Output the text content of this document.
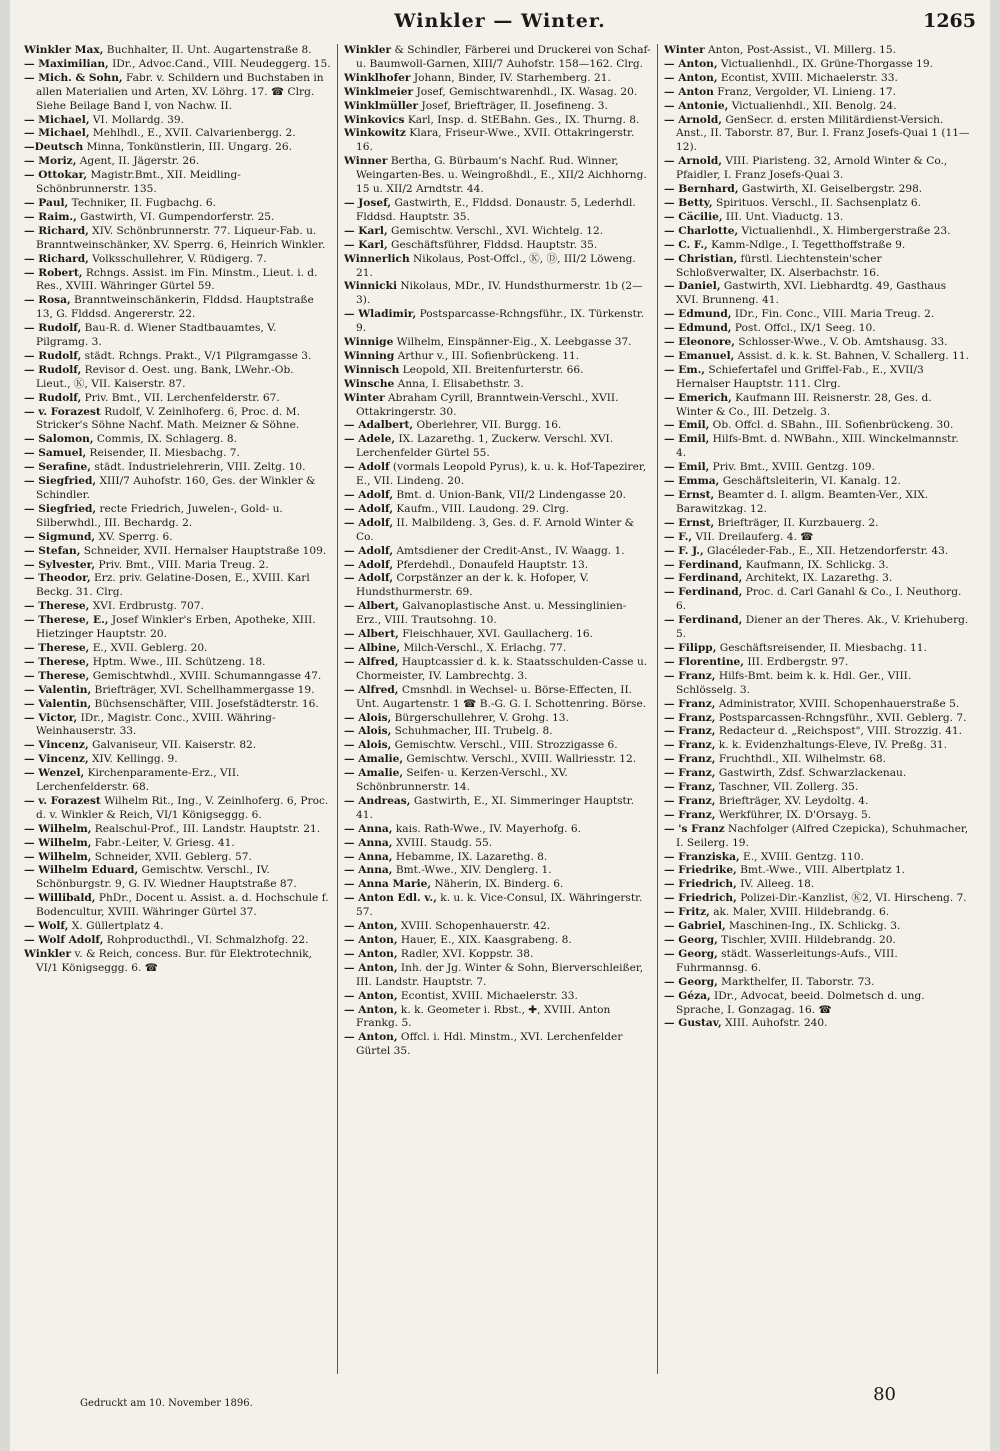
Winkler — Winter.	1265

Winkler Max, Buchhalter, II. Unt. Augartenstraße 8.

— Maximilian, IDr., Advoc.Cand., VIII. Neudeggerg. 15.

— Mich. & Sohn, Fabr. v. Schildern und Buchstaben in allen Materialien und Arten, XV. Löhrg. 17. ☎ Clrg. Siehe Beilage Band I, von Nachw. II.

— Michael, VI. Mollardg. 39.

— Michael, Mehlhdl., E., XVII. Calvarienbergg. 2.

—Deutsch Minna, Tonkünstlerin, III. Ungarg. 26.

— Moriz, Agent, II. Jägerstr. 26.

— Ottokar, Magistr.Bmt., XII. Meidling-Schönbrunnerstr. 135.

— Paul, Techniker, II. Fugbachg. 6.

— Raim., Gastwirth, VI. Gumpendorferstr. 25.

— Richard, XIV. Schönbrunnerstr. 77. Liqueur-Fab. u. Branntweinschänker, XV. Sperrg. 6, Heinrich Winkler.

— Richard, Volksschullehrer, V. Rüdigerg. 7.

— Robert, Rchngs. Assist. im Fin. Minstm., Lieut. i. d. Res., XVIII. Währinger Gürtel 59.

— Rosa, Branntweinschänkerin, Flddsd. Hauptstraße 13, G. Flddsd. Angererstr. 22.

— Rudolf, Bau-R. d. Wiener Stadtbauamtes, V. Pilgramg. 3.

— Rudolf, städt. Rchngs. Prakt., V/1 Pilgramgasse 3.

— Rudolf, Revisor d. Oest. ung. Bank, LWehr.-Ob. Lieut., Ⓚ, VII. Kaiserstr. 87.

— Rudolf, Priv. Bmt., VII. Lerchenfelderstr. 67.

— v. Forazest Rudolf, V. Zeinlhoferg. 6, Proc. d. M. Stricker's Söhne Nachf. Math. Meizner & Söhne.

— Salomon, Commis, IX. Schlagerg. 8.

— Samuel, Reisender, II. Miesbachg. 7.

— Serafine, städt. Industrielehrerin, VIII. Zeltg. 10.

— Siegfried, XIII/7 Auhofstr. 160, Ges. der Winkler & Schindler.

— Siegfried, recte Friedrich, Juwelen-, Gold- u. Silberwhdl., III. Bechardg. 2.

— Sigmund, XV. Sperrg. 6.

— Stefan, Schneider, XVII. Hernalser Hauptstraße 109.

— Sylvester, Priv. Bmt., VIII. Maria Treug. 2.

— Theodor, Erz. priv. Gelatine-Dosen, E., XVIII. Karl Beckg. 31. Clrg.

— Therese, XVI. Erdbrustg. 707.

— Therese, E., Josef Winkler's Erben, Apotheke, XIII. Hietzinger Hauptstr. 20.

— Therese, E., XVII. Geblerg. 20.

— Therese, Hptm. Wwe., III. Schützeng. 18.

— Therese, Gemischtwhdl., XVIII. Schumanngasse 47.

— Valentin, Briefträger, XVI. Schellhammergasse 19.

— Valentin, Büchsenschäfter, VIII. Josefstädterstr. 16.

— Victor, IDr., Magistr. Conc., XVIII. Währing-Weinhauserstr. 33.

— Vincenz, Galvaniseur, VII. Kaiserstr. 82.

— Vincenz, XIV. Kellingg. 9.

— Wenzel, Kirchenparamente-Erz., VII. Lerchenfelderstr. 68.

— v. Forazest Wilhelm Rit., Ing., V. Zeinlhoferg. 6, Proc. d. v. Winkler & Reich, VI/1 Königseggg. 6.

— Wilhelm, Realschul-Prof., III. Landstr. Hauptstr. 21.

— Wilhelm, Fabr.-Leiter, V. Griesg. 41.

— Wilhelm, Schneider, XVII. Geblerg. 57.

— Wilhelm Eduard, Gemischtw. Verschl., IV. Schönburgstr. 9, G. IV. Wiedner Hauptstraße 87.

— Willibald, PhDr., Docent u. Assist. a. d. Hochschule f. Bodencultur, XVIII. Währinger Gürtel 37.

— Wolf, X. Güllertplatz 4.

— Wolf Adolf, Rohproducthdl., VI. Schmalzhofg. 22.

Winkler v. & Reich, concess. Bur. für Elektrotechnik, VI/1 Königseggg. 6. ☎

Winkler & Schindler, Färberei und Druckerei von Schaf- u. Baumwoll-Garnen, XIII/7 Auhofstr. 158—162. Clrg.

Winklhofer Johann, Binder, IV. Starhemberg. 21.

Winklmeier Josef, Gemischtwarenhdl., IX. Wasag. 20.

Winklmüller Josef, Briefträger, II. Josefineng. 3.

Winkovics Karl, Insp. d. StEBahn. Ges., IX. Thurng. 8.

Winkowitz Klara, Friseur-Wwe., XVII. Ottakringerstr. 16.

Winner Bertha, G. Bürbaum's Nachf. Rud. Winner, Weingarten-Bes. u. Weingroßhdl., E., XII/2 Aichhorng. 15 u. XII/2 Arndtstr. 44.

— Josef, Gastwirth, E., Flddsd. Donaustr. 5, Lederhdl. Flddsd. Hauptstr. 35.

— Karl, Gemischtw. Verschl., XVI. Wichtelg. 12.

— Karl, Geschäftsführer, Flddsd. Hauptstr. 35.

Winnerlich Nikolaus, Post-Offcl., Ⓚ, Ⓓ, III/2 Löweng. 21.

Winnicki Nikolaus, MDr., IV. Hundsthurmerstr. 1b (2—3).

— Wladimir, Postsparcasse-Rchngsführ., IX. Türkenstr. 9.

Winnige Wilhelm, Einspänner-Eig., X. Leebgasse 37.

Winning Arthur v., III. Sofienbrückeng. 11.

Winnisch Leopold, XII. Breitenfurterstr. 66.

Winsche Anna, I. Elisabethstr. 3.

Winter Abraham Cyrill, Branntwein-Verschl., XVII. Ottakringerstr. 30.

— Adalbert, Oberlehrer, VII. Burgg. 16.

— Adele, IX. Lazarethg. 1, Zuckerw. Verschl. XVI. Lerchenfelder Gürtel 55.

— Adolf (vormals Leopold Pyrus), k. u. k. Hof-Tapezirer, E., VII. Lindeng. 20.

— Adolf, Bmt. d. Union-Bank, VII/2 Lindengasse 20.

— Adolf, Kaufm., VIII. Laudong. 29. Clrg.

— Adolf, II. Malbildeng. 3, Ges. d. F. Arnold Winter & Co.

— Adolf, Amtsdiener der Credit-Anst., IV. Waagg. 1.

— Adolf, Pferdehdl., Donaufeld Hauptstr. 13.

— Adolf, Corpstänzer an der k. k. Hofoper, V. Hundsthurmerstr. 69.

— Albert, Galvanoplastische Anst. u. Messinglinien-Erz., VIII. Trautsohng. 10.

— Albert, Fleischhauer, XVI. Gaullacherg. 16.

— Albine, Milch-Verschl., X. Erlachg. 77.

— Alfred, Hauptcassier d. k. k. Staatsschulden-Casse u. Chormeister, IV. Lambrechtg. 3.

— Alfred, Cmsnhdl. in Wechsel- u. Börse-Effecten, II. Unt. Augartenstr. 1 ☎ B.-G. G. I. Schottenring. Börse.

— Alois, Bürgerschullehrer, V. Grohg. 13.

— Alois, Schuhmacher, III. Trubelg. 8.

— Alois, Gemischtw. Verschl., VIII. Strozzigasse 6.

— Amalie, Gemischtw. Verschl., XVIII. Wallriesstr. 12.

— Amalie, Seifen- u. Kerzen-Verschl., XV. Schönbrunnerstr. 14.

— Andreas, Gastwirth, E., XI. Simmeringer Hauptstr. 41.

— Anna, kais. Rath-Wwe., IV. Mayerhofg. 6.

— Anna, XVIII. Staudg. 55.

— Anna, Hebamme, IX. Lazarethg. 8.

— Anna, Bmt.-Wwe., XIV. Denglerg. 1.

— Anna Marie, Näherin, IX. Binderg. 6.

— Anton Edl. v., k. u. k. Vice-Consul, IX. Währingerstr. 57.

— Anton, XVIII. Schopenhauerstr. 42.

— Anton, Hauer, E., XIX. Kaasgrabeng. 8.

— Anton, Radler, XVI. Koppstr. 38.

— Anton, Inh. der Jg. Winter & Sohn, Bierverschleißer, III. Landstr. Hauptstr. 7.

— Anton, Econtist, XVIII. Michaelerstr. 33.

— Anton, k. k. Geometer i. Rbst., ✚, XVIII. Anton Frankg. 5.

— Anton, Offcl. i. Hdl. Minstm., XVI. Lerchenfelder Gürtel 35.

Winter Anton, Post-Assist., VI. Millerg. 15.

— Anton, Victualienhdl., IX. Grüne-Thorgasse 19.

— Anton, Econtist, XVIII. Michaelerstr. 33.

— Anton Franz, Vergolder, VI. Linieng. 17.

— Antonie, Victualienhdl., XII. Benolg. 24.

— Arnold, GenSecr. d. ersten Militärdienst-Versich. Anst., II. Taborstr. 87, Bur. I. Franz Josefs-Quai 1 (11—12).

— Arnold, VIII. Piaristeng. 32, Arnold Winter & Co., Pfaidler, I. Franz Josefs-Quai 3.

— Bernhard, Gastwirth, XI. Geiselbergstr. 298.

— Betty, Spirituos. Verschl., II. Sachsenplatz 6.

— Cäcilie, III. Unt. Viaductg. 13.

— Charlotte, Victualienhdl., X. Himbergerstraße 23.

— C. F., Kamm-Ndlge., I. Tegetthoffstraße 9.

— Christian, fürstl. Liechtenstein'scher Schloßverwalter, IX. Alserbachstr. 16.

— Daniel, Gastwirth, XVI. Liebhardtg. 49, Gasthaus XVI. Brunneng. 41.

— Edmund, IDr., Fin. Conc., VIII. Maria Treug. 2.

— Edmund, Post. Offcl., IX/1 Seeg. 10.

— Eleonore, Schlosser-Wwe., V. Ob. Amtshausg. 33.

— Emanuel, Assist. d. k. k. St. Bahnen, V. Schallerg. 11.

— Em., Schiefertafel und Griffel-Fab., E., XVII/3 Hernalser Hauptstr. 111. Clrg.

— Emerich, Kaufmann III. Reisnerstr. 28, Ges. d. Winter & Co., III. Detzelg. 3.

— Emil, Ob. Offcl. d. SBahn., III. Sofienbrückeng. 30.

— Emil, Hilfs-Bmt. d. NWBahn., XIII. Winckelmannstr. 4.

— Emil, Priv. Bmt., XVIII. Gentzg. 109.

— Emma, Geschäftsleiterin, VI. Kanalg. 12.

— Ernst, Beamter d. I. allgm. Beamten-Ver., XIX. Barawitzkag. 12.

— Ernst, Briefträger, II. Kurzbauerg. 2.

— F., VII. Dreilauferg. 4. ☎

— F. J., Glacéleder-Fab., E., XII. Hetzendorferstr. 43.

— Ferdinand, Kaufmann, IX. Schlickg. 3.

— Ferdinand, Architekt, IX. Lazarethg. 3.

— Ferdinand, Proc. d. Carl Ganahl & Co., I. Neuthorg. 6.

— Ferdinand, Diener an der Theres. Ak., V. Kriehuberg. 5.

— Filipp, Geschäftsreisender, II. Miesbachg. 11.

— Florentine, III. Erdbergstr. 97.

— Franz, Hilfs-Bmt. beim k. k. Hdl. Ger., VIII. Schlösselg. 3.

— Franz, Administrator, XVIII. Schopenhauerstraße 5.

— Franz, Postsparcassen-Rchngsführ., XVII. Geblerg. 7.

— Franz, Redacteur d. „Reichspost", VIII. Strozzig. 41.

— Franz, k. k. Evidenzhaltungs-Eleve, IV. Preßg. 31.

— Franz, Fruchthdl., XII. Wilhelmstr. 68.

— Franz, Gastwirth, Zdsf. Schwarzlackenau.

— Franz, Taschner, VII. Zollerg. 35.

— Franz, Briefträger, XV. Leydoltg. 4.

— Franz, Werkführer, IX. D'Orsayg. 5.

— 's Franz Nachfolger (Alfred Czepicka), Schuhmacher, I. Seilerg. 19.

— Franziska, E., XVIII. Gentzg. 110.

— Friedrike, Bmt.-Wwe., VIII. Albertplatz 1.

— Friedrich, IV. Alleeg. 18.

— Friedrich, Polizei-Dir.-Kanzlist, Ⓚ2, VI. Hirscheng. 7.

— Fritz, ak. Maler, XVIII. Hildebrandg. 6.

— Gabriel, Maschinen-Ing., IX. Schlickg. 3.

— Georg, Tischler, XVIII. Hildebrandg. 20.

— Georg, städt. Wasserleitungs-Aufs., VIII. Fuhrmannsg. 6.

— Georg, Markthelfer, II. Taborstr. 73.

— Géza, IDr., Advocat, beeid. Dolmetsch d. ung. Sprache, I. Gonzagag. 16. ☎

— Gustav, XIII. Auhofstr. 240.

Gedruckt am 10. November 1896.	80
